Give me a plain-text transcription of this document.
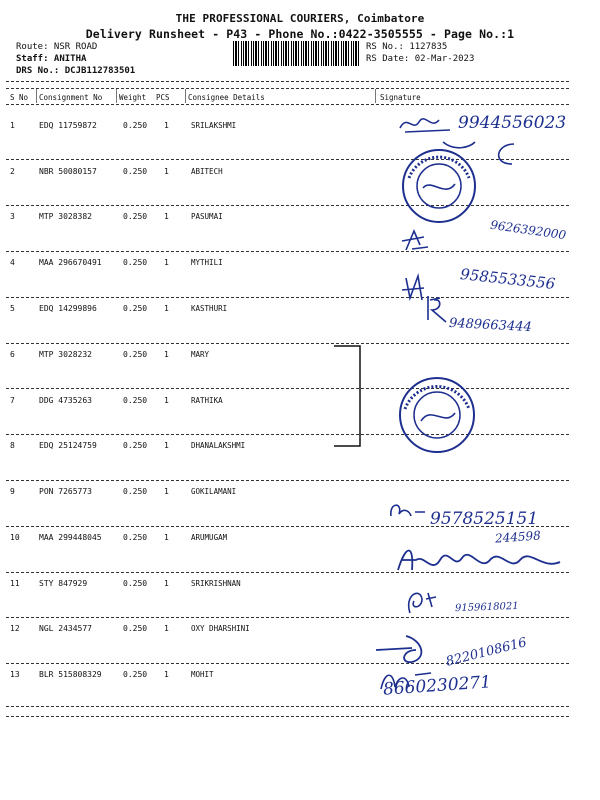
THE PROFESSIONAL COURIERS, Coimbatore
Delivery Runsheet - P43 - Phone No.:0422-3505555 - Page No.:1
Route: NSR ROAD
Staff: ANITHA
DRS No.: DCJB112783501
RS No.: 1127835
RS Date: 02-Mar-2023
S No Consignment No Weight PCS Consignee Details	Signature
1	EDQ 11759872	0.250 1	SRILAKSHMI
2	NBR 50080157	0.250 1	ABITECH
3	MTP 3028382	0.250 1	PASUMAI
4	MAA 296670491	0.250 1	MYTHILI
5	EDQ 14299896	0.250 1	KASTHURI
6	MTP 3028232	0.250 1	MARY
7	DDG 4735263	0.250 1	RATHIKA
8	EDQ 25124759	0.250 1	DHANALAKSHMI
9	PON 7265773	0.250 1	GOKILAMANI
10 MAA 299448045	0.250 1	ARUMUGAM
11 STY 847929	0.250 1	SRIKRISHNAN
12 NGL 2434577	0.250 1	OXY DHARSHINI
13 BLR 515808329	0.250 1	MOHIT
9944556023
9626392000
9585533556
9489663444
9578525151
244598
9159618021
8220108616
8660230271
